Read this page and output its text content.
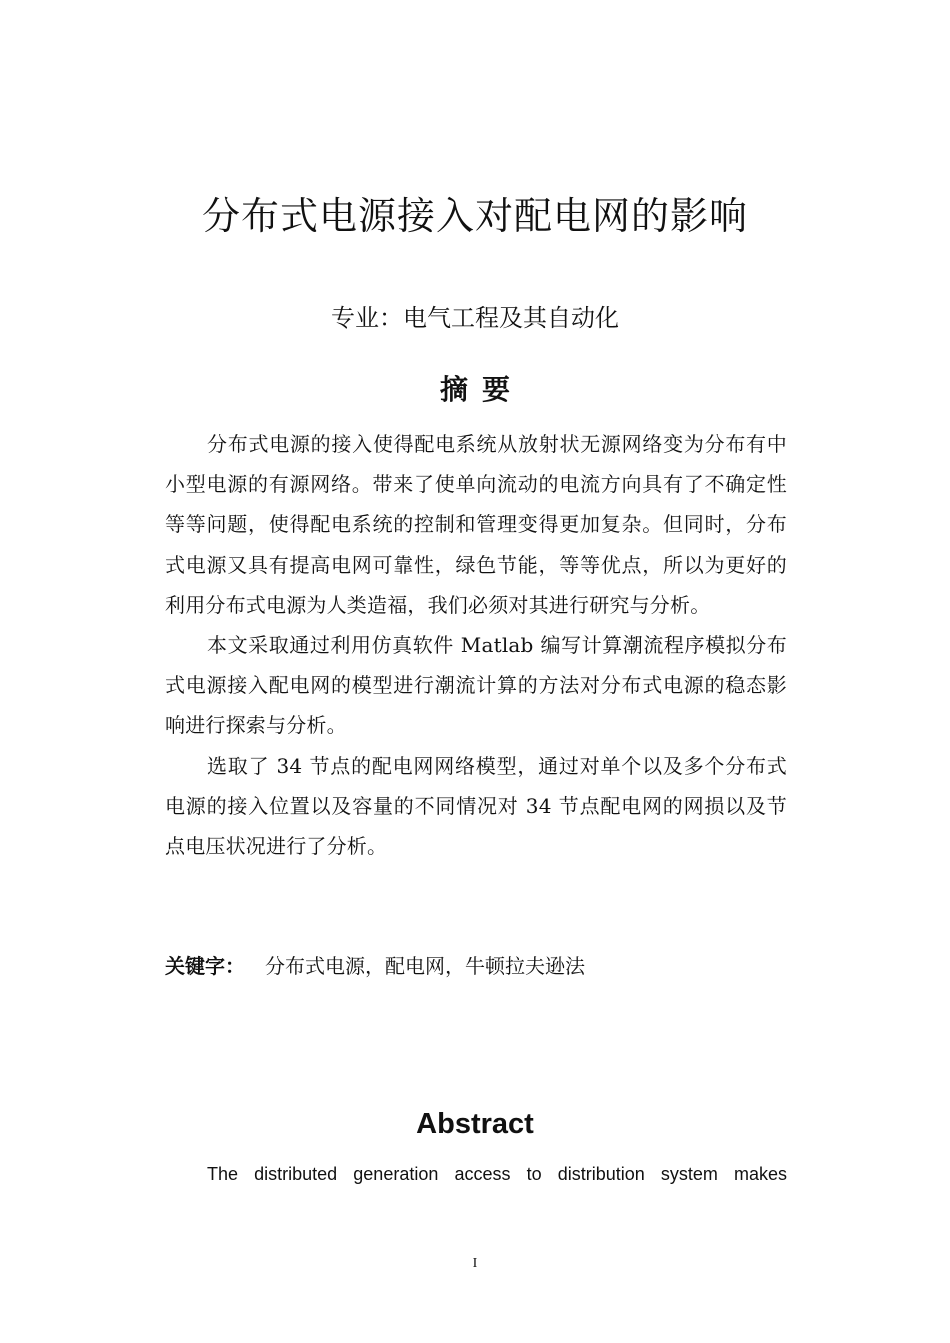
分布式电源接入对配电网的影响
专业：电气工程及其自动化
摘要

分布式电源的接入使得配电系统从放射状无源网络变为分布有中小型电源的有源网络。带来了使单向流动的电流方向具有了不确定性等等问题，使得配电系统的控制和管理变得更加复杂。但同时，分布式电源又具有提高电网可靠性，绿色节能，等等优点，所以为更好的利用分布式电源为人类造福，我们必须对其进行研究与分析。

本文采取通过利用仿真软件 Matlab 编写计算潮流程序模拟分布式电源接入配电网的模型进行潮流计算的方法对分布式电源的稳态影响进行探索与分析。

选取了 34 节点的配电网网络模型，通过对单个以及多个分布式电源的接入位置以及容量的不同情况对 34 节点配电网的网损以及节点电压状况进行了分析。

关键字： 分布式电源，配电网，牛顿拉夫逊法
Abstract

The distributed generation access to distribution system makes

I
